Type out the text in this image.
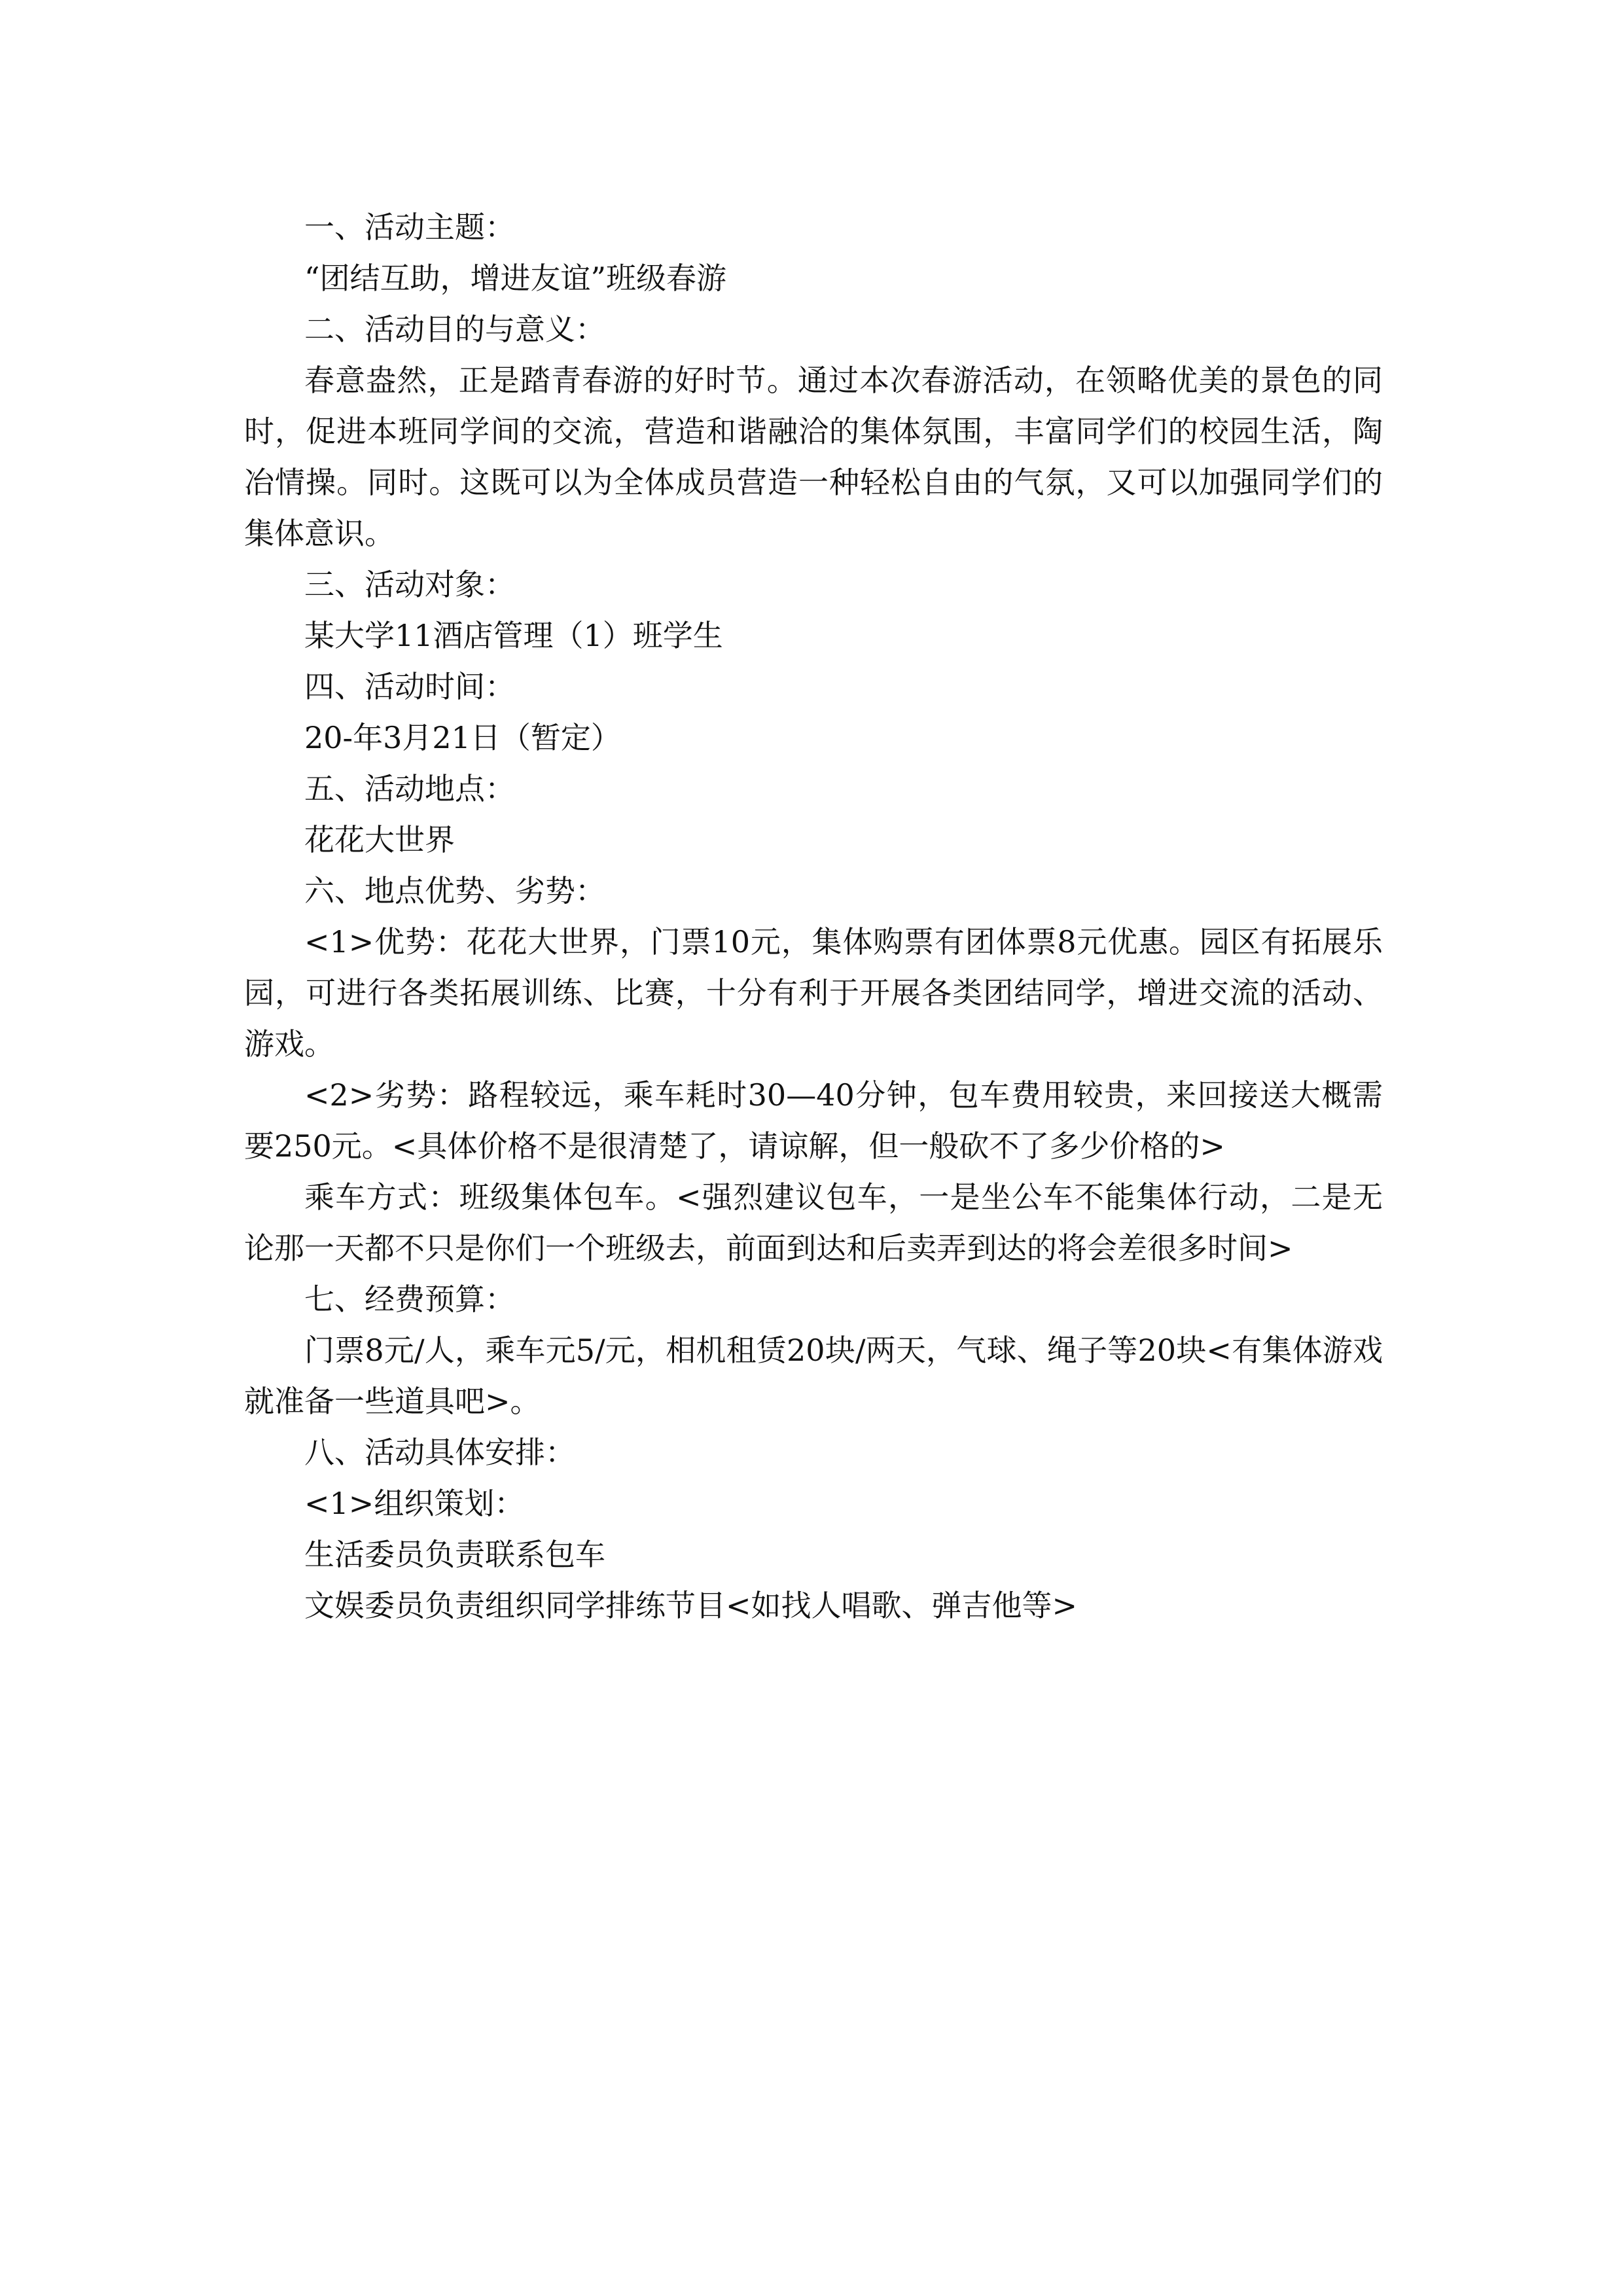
一、活动主题：

“团结互助，增进友谊”班级春游

二、活动目的与意义：

春意盎然，正是踏青春游的好时节。通过本次春游活动，在领略优美的景色的同时，促进本班同学间的交流，营造和谐融洽的集体氛围，丰富同学们的校园生活，陶冶情操。同时。这既可以为全体成员营造一种轻松自由的气氛，又可以加强同学们的集体意识。

三、活动对象：

某大学11酒店管理（1）班学生

四、活动时间：

20-年3月21日（暂定）

五、活动地点：

花花大世界

六、地点优势、劣势：

<1>优势：花花大世界，门票10元，集体购票有团体票8元优惠。园区有拓展乐园，可进行各类拓展训练、比赛，十分有利于开展各类团结同学，增进交流的活动、游戏。

<2>劣势：路程较远，乘车耗时30—40分钟，包车费用较贵，来回接送大概需要250元。<具体价格不是很清楚了，请谅解，但一般砍不了多少价格的>

乘车方式：班级集体包车。<强烈建议包车，一是坐公车不能集体行动，二是无论那一天都不只是你们一个班级去，前面到达和后卖弄到达的将会差很多时间>

七、经费预算：

门票8元/人，乘车元5/元，相机租赁20块/两天，气球、绳子等20块<有集体游戏就准备一些道具吧>。

八、活动具体安排：

<1>组织策划：

生活委员负责联系包车

文娱委员负责组织同学排练节目<如找人唱歌、弹吉他等>
